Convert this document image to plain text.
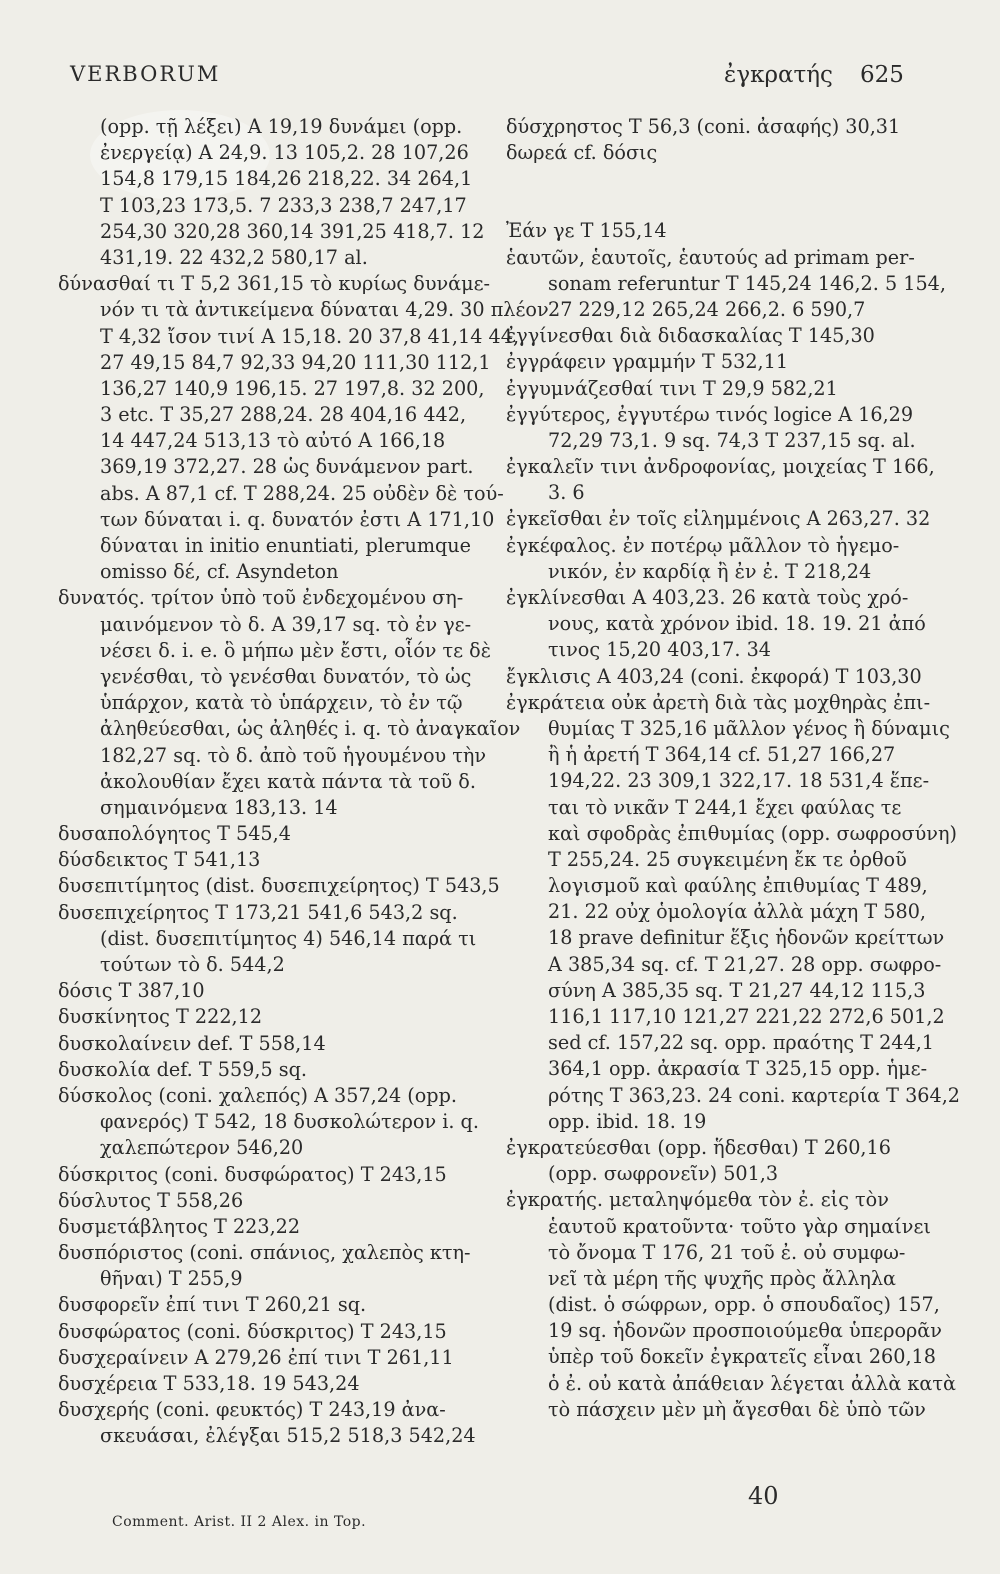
VERBORUM	ἐγκρατής 625
(opp. τῇ λέξει) Α 19,19 δυνάμει (opp.
ἐνεργείᾳ) Α 24,9. 13 105,2. 28 107,26
154,8 179,15 184,26 218,22. 34 264,1
Τ 103,23 173,5. 7 233,3 238,7 247,17
254,30 320,28 360,14 391,25 418,7. 12
431,19. 22 432,2 580,17 al.
δύνασθαί τι Τ 5,2 361,15 τὸ κυρίως δυνάμε-
νόν τι τὰ ἀντικείμενα δύναται 4,29. 30 πλέον
Τ 4,32 ἴσον τινί Α 15,18. 20 37,8 41,14 44,
27 49,15 84,7 92,33 94,20 111,30 112,1
136,27 140,9 196,15. 27 197,8. 32 200,
3 etc. Τ 35,27 288,24. 28 404,16 442,
14 447,24 513,13 τὸ αὐτό Α 166,18
369,19 372,27. 28 ὡς δυνάμενον part.
abs. Α 87,1 cf. Τ 288,24. 25 οὐδὲν δὲ τού-
των δύναται i. q. δυνατόν ἐστι Α 171,10
δύναται in initio enuntiati, plerumque
omisso δέ, cf. Asyndeton
δυνατός. τρίτον ὑπὸ τοῦ ἐνδεχομένου ση-
μαινόμενον τὸ δ. Α 39,17 sq. τὸ ἐν γε-
νέσει δ. i. e. ὃ μήπω μὲν ἔστι, οἷόν τε δὲ
γενέσθαι, τὸ γενέσθαι δυνατόν, τὸ ὡς
ὑπάρχον, κατὰ τὸ ὑπάρχειν, τὸ ἐν τῷ
ἀληθεύεσθαι, ὡς ἀληθές i. q. τὸ ἀναγκαῖον
182,27 sq. τὸ δ. ἀπὸ τοῦ ἡγουμένου τὴν
ἀκολουθίαν ἔχει κατὰ πάντα τὰ τοῦ δ.
σημαινόμενα 183,13. 14
δυσαπολόγητος Τ 545,4
δύσδεικτος Τ 541,13
δυσεπιτίμητος (dist. δυσεπιχείρητος) Τ 543,5
δυσεπιχείρητος Τ 173,21 541,6 543,2 sq.
(dist. δυσεπιτίμητος 4) 546,14 παρά τι
τούτων τὸ δ. 544,2
δόσις Τ 387,10
δυσκίνητος Τ 222,12
δυσκολαίνειν def. Τ 558,14
δυσκολία def. Τ 559,5 sq.
δύσκολος (coni. χαλεπός) Α 357,24 (opp.
φανερός) Τ 542, 18 δυσκολώτερον i. q.
χαλεπώτερον 546,20
δύσκριτος (coni. δυσφώρατος) Τ 243,15
δύσλυτος Τ 558,26
δυσμετάβλητος Τ 223,22
δυσπόριστος (coni. σπάνιος, χαλεπὸς κτη-
θῆναι) Τ 255,9
δυσφορεῖν ἐπί τινι Τ 260,21 sq.
δυσφώρατος (coni. δύσκριτος) Τ 243,15
δυσχεραίνειν Α 279,26 ἐπί τινι Τ 261,11
δυσχέρεια Τ 533,18. 19 543,24
δυσχερής (coni. φευκτός) Τ 243,19 ἀνα-
σκευάσαι, ἐλέγξαι 515,2 518,3 542,24
δύσχρηστος Τ 56,3 (coni. ἀσαφής) 30,31
δωρεά cf. δόσις
Ἐάν γε Τ 155,14
ἑαυτῶν, ἑαυτοῖς, ἑαυτούς ad primam per-
sonam referuntur Τ 145,24 146,2. 5 154,
27 229,12 265,24 266,2. 6 590,7
ἐγγίνεσθαι διὰ διδασκαλίας Τ 145,30
ἐγγράφειν γραμμήν Τ 532,11
ἐγγυμνάζεσθαί τινι Τ 29,9 582,21
ἐγγύτερος, ἐγγυτέρω τινός logice Α 16,29
72,29 73,1. 9 sq. 74,3 Τ 237,15 sq. al.
ἐγκαλεῖν τινι ἀνδροφονίας, μοιχείας Τ 166,
3. 6
ἐγκεῖσθαι ἐν τοῖς εἰλημμένοις Α 263,27. 32
ἐγκέφαλος. ἐν ποτέρῳ μᾶλλον τὸ ἡγεμο-
νικόν, ἐν καρδίᾳ ἢ ἐν ἐ. Τ 218,24
ἐγκλίνεσθαι Α 403,23. 26 κατὰ τοὺς χρό-
νους, κατὰ χρόνον ibid. 18. 19. 21 ἀπό
τινος 15,20 403,17. 34
ἔγκλισις Α 403,24 (coni. ἐκφορά) Τ 103,30
ἐγκράτεια οὐκ ἀρετὴ διὰ τὰς μοχθηρὰς ἐπι-
θυμίας Τ 325,16 μᾶλλον γένος ἢ δύναμις
ἢ ἡ ἀρετή Τ 364,14 cf. 51,27 166,27
194,22. 23 309,1 322,17. 18 531,4 ἕπε-
ται τὸ νικᾶν Τ 244,1 ἔχει φαύλας τε
καὶ σφοδρὰς ἐπιθυμίας (opp. σωφροσύνη)
Τ 255,24. 25 συγκειμένη ἔκ τε ὀρθοῦ
λογισμοῦ καὶ φαύλης ἐπιθυμίας Τ 489,
21. 22 οὐχ ὁμολογία ἀλλὰ μάχη Τ 580,
18 prave definitur ἕξις ἡδονῶν κρείττων
Α 385,34 sq. cf. Τ 21,27. 28 opp. σωφρο-
σύνη Α 385,35 sq. Τ 21,27 44,12 115,3
116,1 117,10 121,27 221,22 272,6 501,2
sed cf. 157,22 sq. opp. πραότης Τ 244,1
364,1 opp. ἀκρασία Τ 325,15 opp. ἡμε-
ρότης Τ 363,23. 24 coni. καρτερία Τ 364,2
opp. ibid. 18. 19
ἐγκρατεύεσθαι (opp. ἥδεσθαι) Τ 260,16
(opp. σωφρονεῖν) 501,3
ἐγκρατής. μεταληψόμεθα τὸν ἐ. εἰς τὸν
ἑαυτοῦ κρατοῦντα· τοῦτο γὰρ σημαίνει
τὸ ὄνομα Τ 176, 21 τοῦ ἐ. οὐ συμφω-
νεῖ τὰ μέρη τῆς ψυχῆς πρὸς ἄλληλα
(dist. ὁ σώφρων, opp. ὁ σπουδαῖος) 157,
19 sq. ἡδονῶν προσποιούμεθα ὑπερορᾶν
ὑπὲρ τοῦ δοκεῖν ἐγκρατεῖς εἶναι 260,18
ὁ ἐ. οὐ κατὰ ἀπάθειαν λέγεται ἀλλὰ κατὰ
τὸ πάσχειν μὲν μὴ ἄγεσθαι δὲ ὑπὸ τῶν
40
Comment. Arist. II 2 Alex. in Top.
